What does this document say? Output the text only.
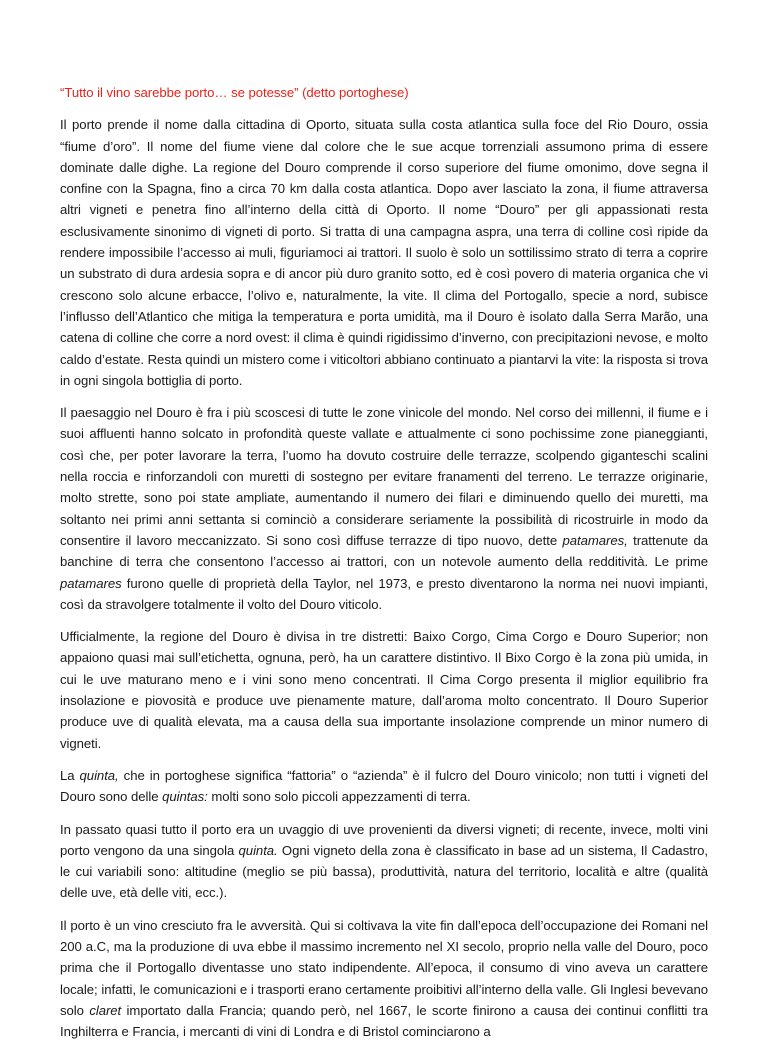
“Tutto il vino sarebbe porto… se potesse” (detto portoghese)

Il porto prende il nome dalla cittadina di Oporto, situata sulla costa atlantica sulla foce del Rio Douro, ossia “fiume d’oro”. Il nome del fiume viene dal colore che le sue acque torrenziali assumono prima di essere dominate dalle dighe. La regione del Douro comprende il corso superiore del fiume omonimo, dove segna il confine con la Spagna, fino a circa 70 km dalla costa atlantica. Dopo aver lasciato la zona, il fiume attraversa altri vigneti e penetra fino all’interno della città di Oporto. Il nome “Douro” per gli appassionati resta esclusivamente sinonimo di vigneti di porto. Si tratta di una campagna aspra, una terra di colline così ripide da rendere impossibile l’accesso ai muli, figuriamoci ai trattori. Il suolo è solo un sottilissimo strato di terra a coprire un substrato di dura ardesia sopra e di ancor più duro granito sotto, ed è così povero di materia organica che vi crescono solo alcune erbacce, l’olivo e, naturalmente, la vite. Il clima del Portogallo, specie a nord, subisce l’influsso dell’Atlantico che mitiga la temperatura e porta umidità, ma il Douro è isolato dalla Serra Marão, una catena di colline che corre a nord ovest: il clima è quindi rigidissimo d’inverno, con precipitazioni nevose, e molto caldo d’estate. Resta quindi un mistero come i viticoltori abbiano continuato a piantarvi la vite: la risposta si trova in ogni singola bottiglia di porto.

Il paesaggio nel Douro è fra i più scoscesi di tutte le zone vinicole del mondo. Nel corso dei millenni, il fiume e i suoi affluenti hanno solcato in profondità queste vallate e attualmente ci sono pochissime zone pianeggianti, così che, per poter lavorare la terra, l’uomo ha dovuto costruire delle terrazze, scolpendo giganteschi scalini nella roccia e rinforzandoli con muretti di sostegno per evitare franamenti del terreno. Le terrazze originarie, molto strette, sono poi state ampliate, aumentando il numero dei filari e diminuendo quello dei muretti, ma soltanto nei primi anni settanta si cominciò a considerare seriamente la possibilità di ricostruirle in modo da consentire il lavoro meccanizzato. Si sono così diffuse terrazze di tipo nuovo, dette patamares, trattenute da banchine di terra che consentono l’accesso ai trattori, con un notevole aumento della redditività. Le prime patamares furono quelle di proprietà della Taylor, nel 1973, e presto diventarono la norma nei nuovi impianti, così da stravolgere totalmente il volto del Douro viticolo.

Ufficialmente, la regione del Douro è divisa in tre distretti: Baixo Corgo, Cima Corgo e Douro Superior; non appaiono quasi mai sull’etichetta, ognuna, però, ha un carattere distintivo. Il Bixo Corgo è la zona più umida, in cui le uve maturano meno e i vini sono meno concentrati. Il Cima Corgo presenta il miglior equilibrio fra insolazione e piovosità e produce uve pienamente mature, dall’aroma molto concentrato. Il Douro Superior produce uve di qualità elevata, ma a causa della sua importante insolazione comprende un minor numero di vigneti.

La quinta, che in portoghese significa “fattoria” o “azienda” è il fulcro del Douro vinicolo; non tutti i vigneti del Douro sono delle quintas: molti sono solo piccoli appezzamenti di terra.

In passato quasi tutto il porto era un uvaggio di uve provenienti da diversi vigneti; di recente, invece, molti vini porto vengono da una singola quinta. Ogni vigneto della zona è classificato in base ad un sistema, Il Cadastro, le cui variabili sono: altitudine (meglio se più bassa), produttività, natura del territorio, località e altre (qualità delle uve, età delle viti, ecc.).

Il porto è un vino cresciuto fra le avversità. Qui si coltivava la vite fin dall’epoca dell’occupazione dei Romani nel 200 a.C, ma la produzione di uva ebbe il massimo incremento nel XI secolo, proprio nella valle del Douro, poco prima che il Portogallo diventasse uno stato indipendente. All’epoca, il consumo di vino aveva un carattere locale; infatti, le comunicazioni e i trasporti erano certamente proibitivi all’interno della valle. Gli Inglesi bevevano solo claret importato dalla Francia; quando però, nel 1667, le scorte finirono a causa dei continui conflitti tra Inghilterra e Francia, i mercanti di vini di Londra e di Bristol cominciarono a
